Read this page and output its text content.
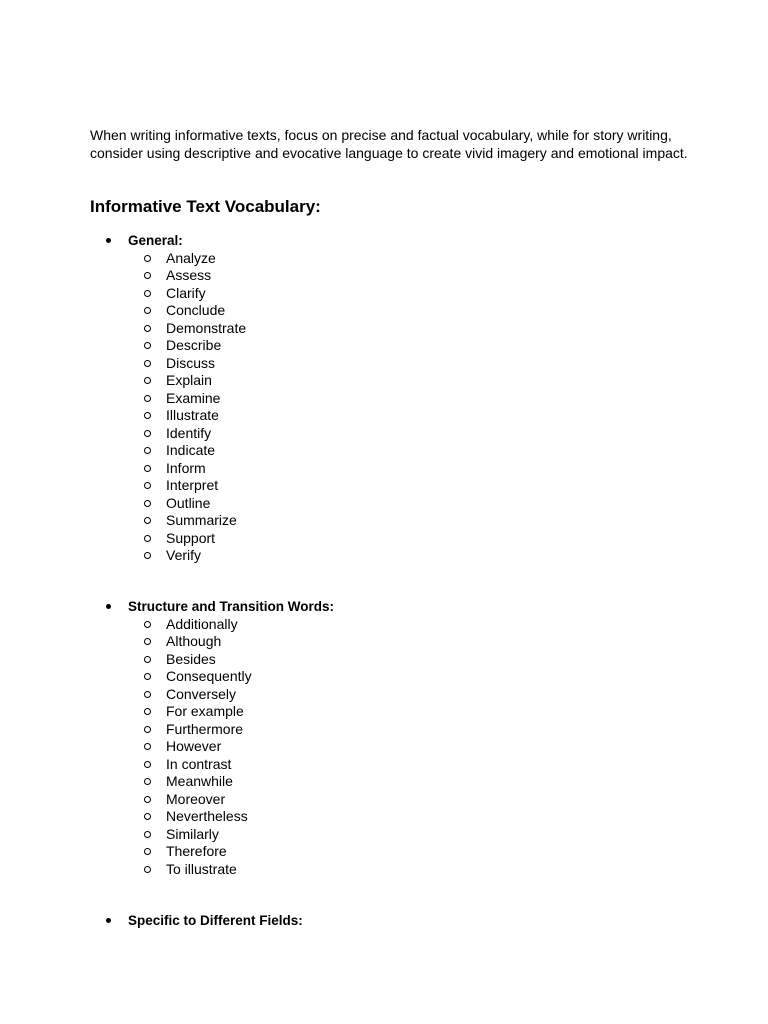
When writing informative texts, focus on precise and factual vocabulary, while for story writing, consider using descriptive and evocative language to create vivid imagery and emotional impact.

Informative Text Vocabulary:
General:
Analyze
Assess
Clarify
Conclude
Demonstrate
Describe
Discuss
Explain
Examine
Illustrate
Identify
Indicate
Inform
Interpret
Outline
Summarize
Support
Verify
Structure and Transition Words:
Additionally
Although
Besides
Consequently
Conversely
For example
Furthermore
However
In contrast
Meanwhile
Moreover
Nevertheless
Similarly
Therefore
To illustrate
Specific to Different Fields:
